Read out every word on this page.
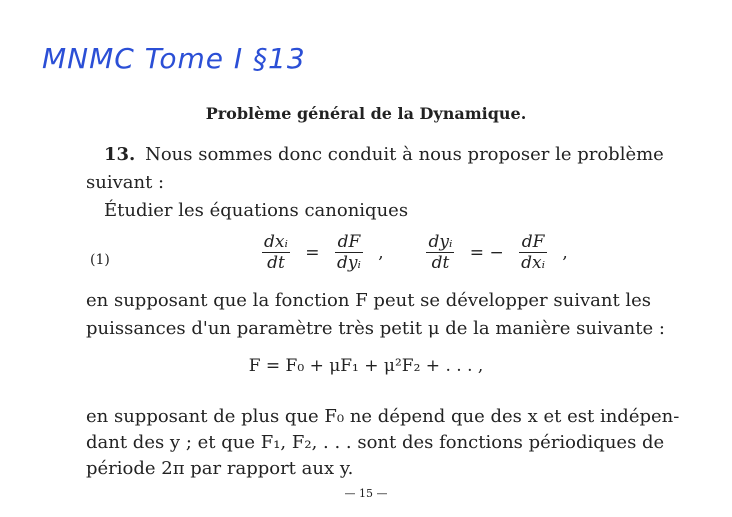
MNMC Tome I §13
Problème général de la Dynamique.
13. Nous sommes donc conduit à nous proposer le problème
suivant :
Étudier les équations canoniques
(1)	$\frac{\text{dxᵢ}}{dt} = \frac{dF}{\text{dyᵢ}}$ ,	$\frac{\text{dyᵢ}}{dt}$ = − $\frac{dF}{\text{dxᵢ}}$ ,
en supposant que la fonction F peut se développer suivant les
puissances d'un paramètre très petit μ de la manière suivante :
F = F₀ + μF₁ + μ²F₂ + . . . ,
en supposant de plus que F₀ ne dépend que des x et est indépen-
dant des y ; et que F₁, F₂, . . . sont des fonctions périodiques de
période 2π par rapport aux y.
— 15 —
